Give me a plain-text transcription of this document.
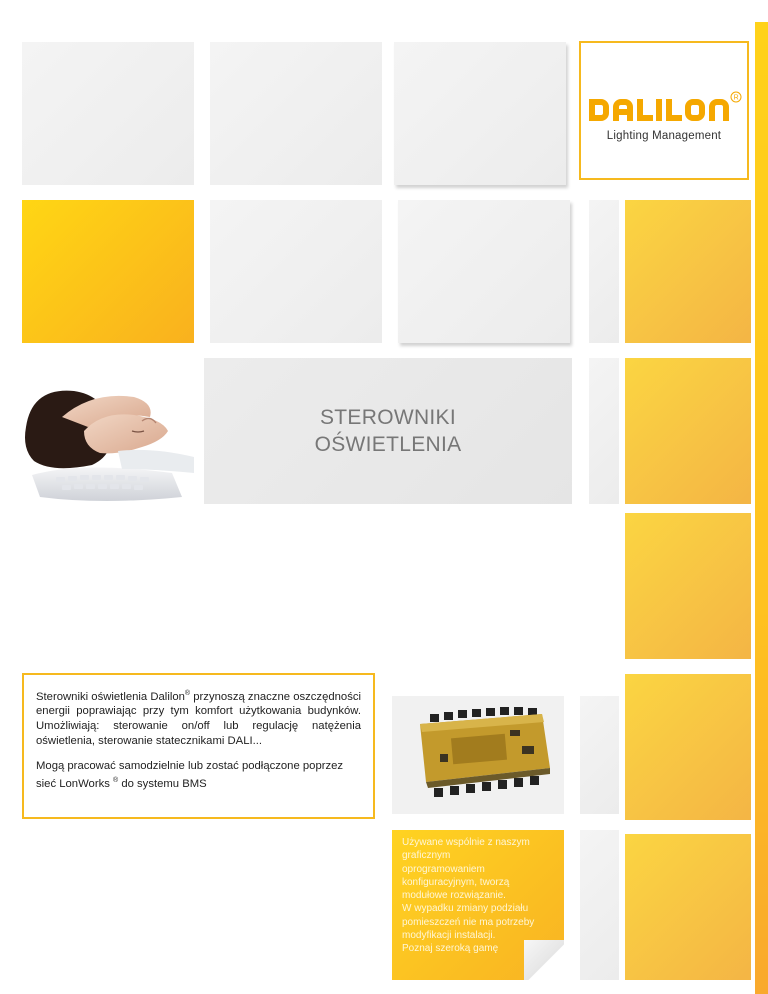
R
Lighting Management
STEROWNIKI
OŚWIETLENIA

Sterowniki oświetlenia Dalilon® przynoszą znaczne oszczędności energii poprawiając przy tym komfort użytkowania budynków. Umożliwiają: sterowanie on/off lub regulację natężenia oświetlenia, sterowanie statecznikami DALI...

Mogą pracować samodzielnie lub zostać podłączone poprzez sieć LonWorks ® do systemu BMS

Używane wspólnie z naszym
graficznym
oprogramowaniem
konfiguracyjnym, tworzą
modułowe rozwiązanie.
W wypadku zmiany podziału
pomieszczeń nie ma potrzeby
modyfikacji instalacji.
Poznaj szeroką gamę
